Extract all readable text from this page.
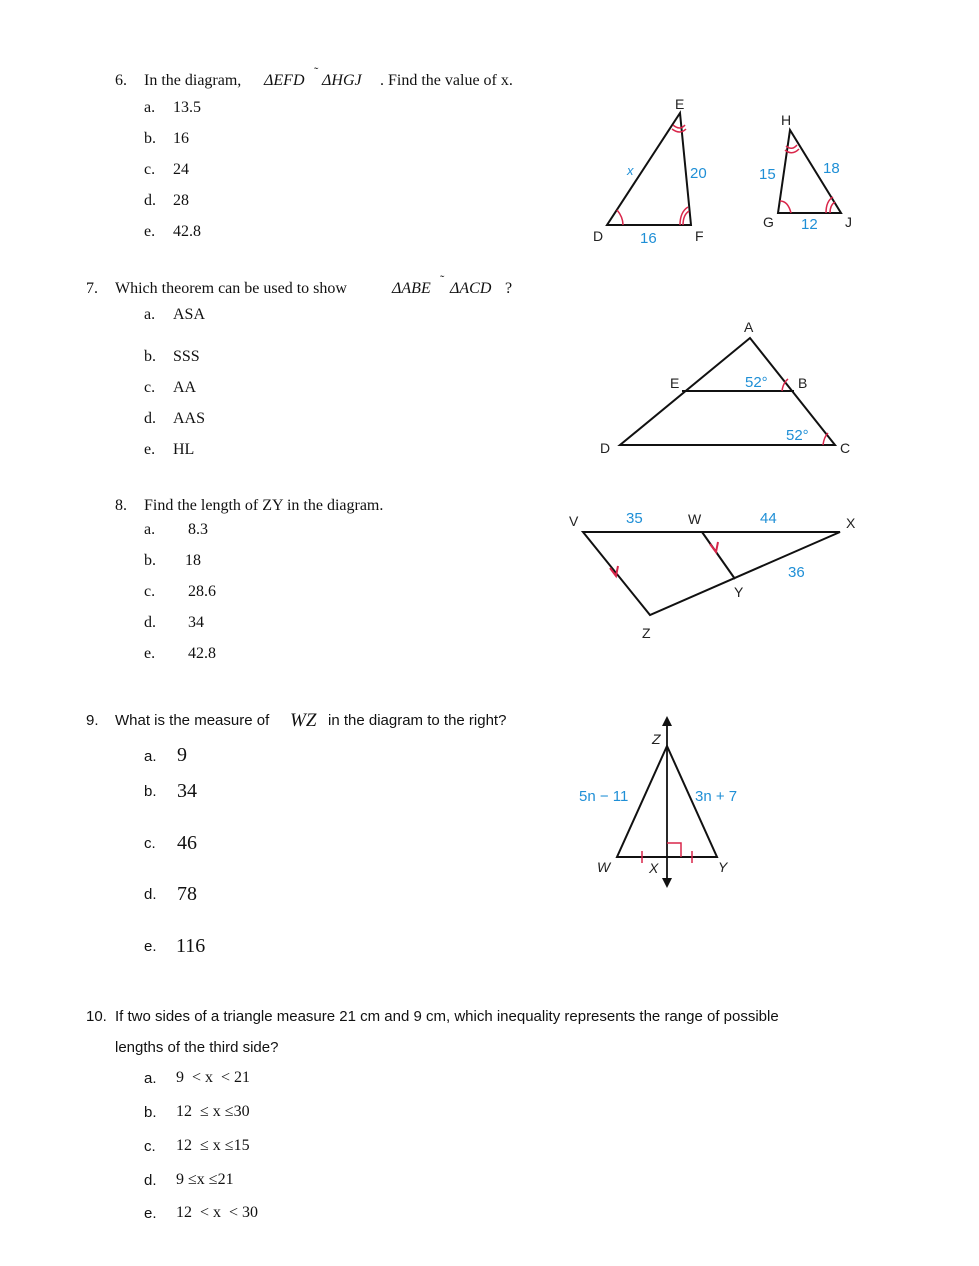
6. In the diagram, ΔEFD
˜
ΔHGJ . Find the value of x.
a. 13.5
b. 16
c. 24
d. 28
e. 42.8
E
D	F
x	20
16
H
G	J
15	18
12
7. Which theorem can be used to show	ΔABE
˜
ΔACD ?
a. ASA
b. SSS
c. AA
d. AAS
e. HL
A
E	B
D	C
52°
52°
8. Find the length of ZY in the diagram.
a. 8.3
b. 18
c. 28.6
d. 34
e. 42.8
V	W	X
Y
Z
35	44
36
9. What is the measure of WZ in the diagram to the right?
a. 9
b. 34
c. 46
d. 78
e. 116
Z
W	X	Y
5n − 11	3n + 7
10. If two sides of a triangle measure 21 cm and 9 cm, which inequality represents the range of possible
lengths of the third side?
a. 9  < x  < 21
b. 12  ≤ x ≤30
c. 12  ≤ x ≤15
d. 9 ≤x ≤21
e. 12  < x  < 30
